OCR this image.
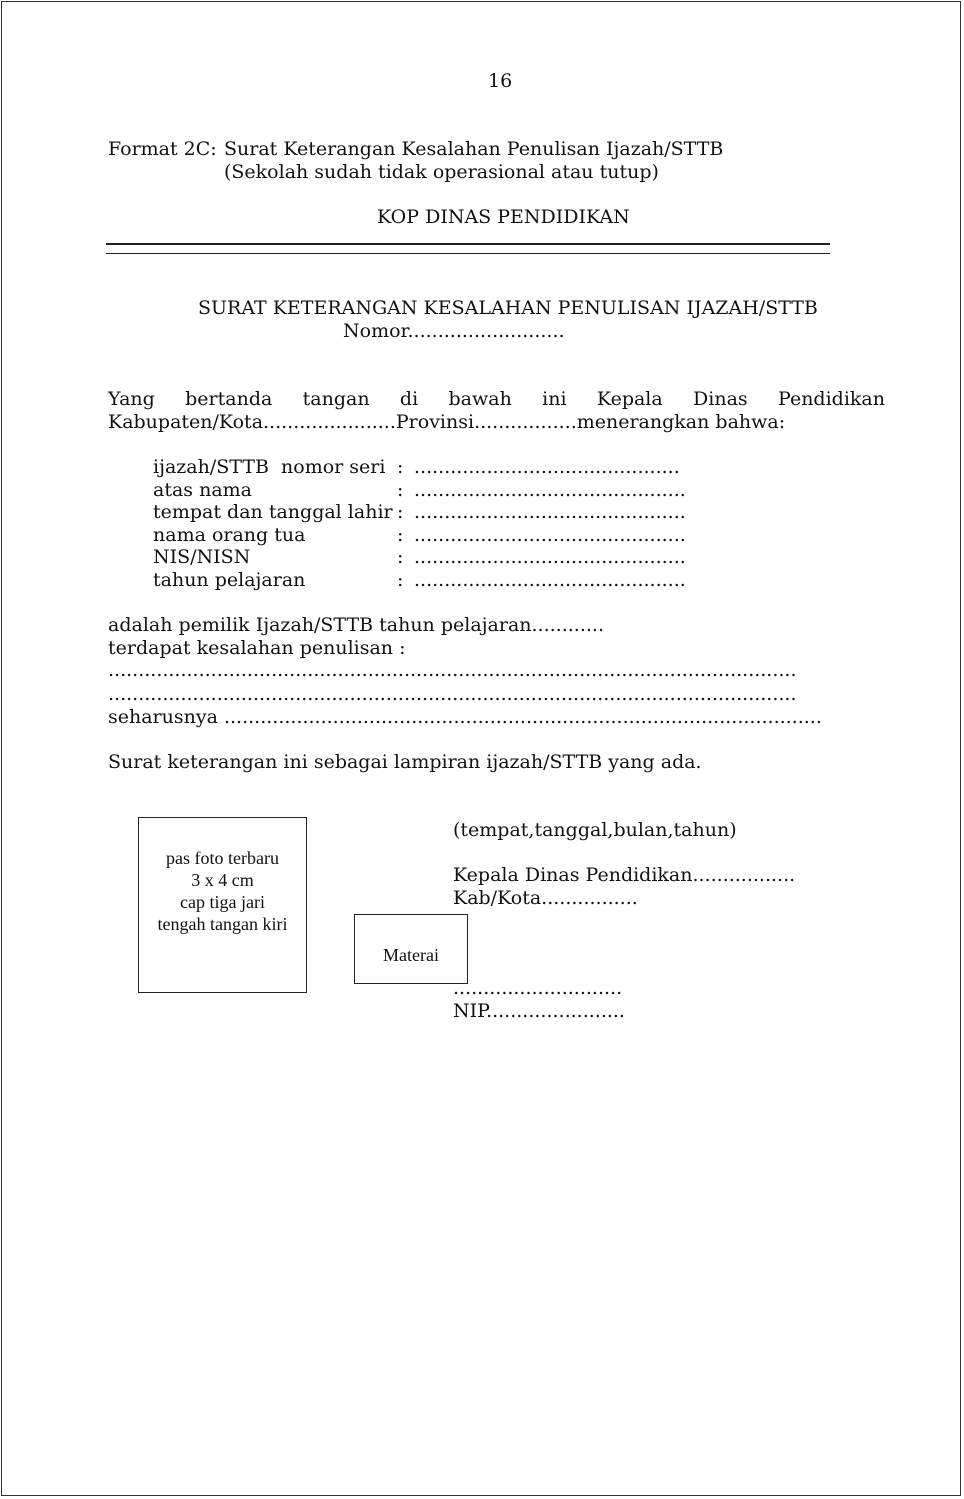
16
Format 2C: Surat Keterangan Kesalahan Penulisan Ijazah/STTB
(Sekolah sudah tidak operasional atau tutup)
KOP DINAS PENDIDIKAN
SURAT KETERANGAN KESALAHAN PENULISAN IJAZAH/STTB
Nomor..........................
Yang bertanda tangan di bawah ini Kepala Dinas Pendidikan
Kabupaten/Kota......................Provinsi.................menerangkan bahwa:
ijazah/STTB  nomor seri : ............................................
atas nama	: .............................................
tempat dan tanggal lahir : .............................................
nama orang tua	: .............................................
NIS/NISN	: .............................................
tahun pelajaran	: .............................................
adalah pemilik Ijazah/STTB tahun pelajaran............
terdapat kesalahan penulisan :
..................................................................................................................
..................................................................................................................
seharusnya ...................................................................................................
Surat keterangan ini sebagai lampiran ijazah/STTB yang ada.
pas foto terbaru
3 x 4 cm
cap tiga jari
tengah tangan kiri
Materai
(tempat,tanggal,bulan,tahun)
Kepala Dinas Pendidikan.................
Kab/Kota................
............................
NIP.......................
